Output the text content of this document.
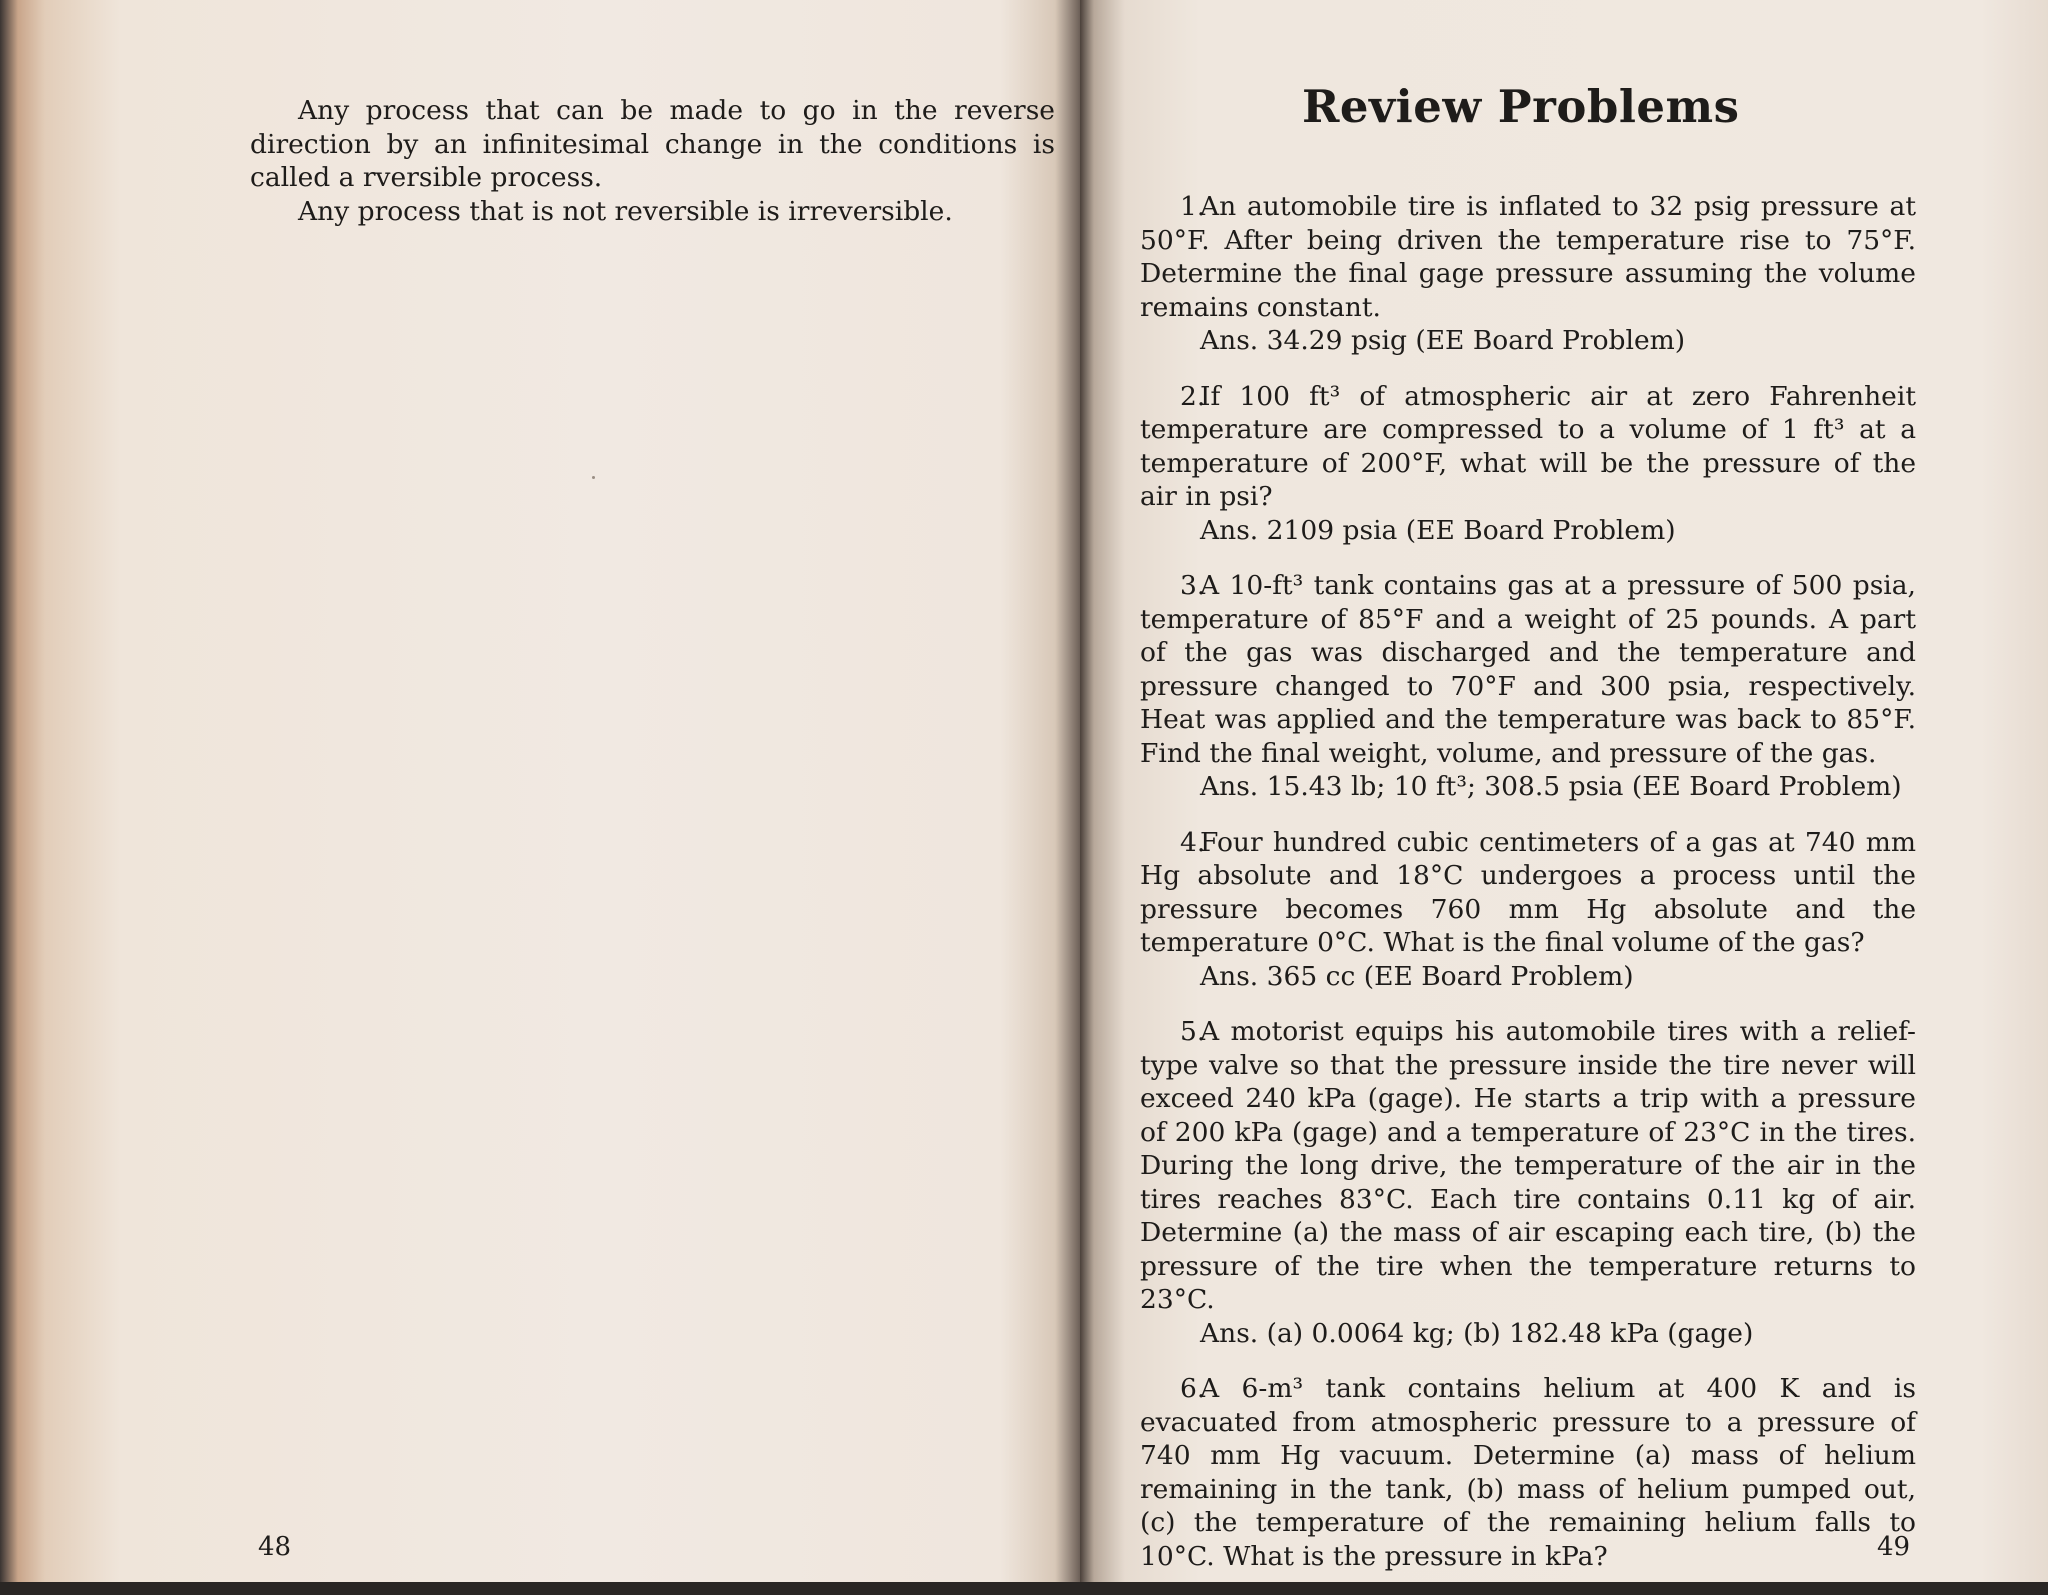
Any process that can be made to go in the reverse direction by an infinitesimal change in the conditions is called a rversible process.

Any process that is not reversible is irreversible.

48
Review Problems

1.An automobile tire is inflated to 32 psig pressure at 50°F. After being driven the temperature rise to 75°F. Determine the final gage pressure assuming the volume remains constant.

Ans. 34.29 psig (EE Board Problem)

2.If 100 ft³ of atmospheric air at zero Fahrenheit temperature are compressed to a volume of 1 ft³ at a temperature of 200°F, what will be the pressure of the air in psi?

Ans. 2109 psia (EE Board Problem)

3.A 10-ft³ tank contains gas at a pressure of 500 psia, temperature of 85°F and a weight of 25 pounds. A part of the gas was discharged and the temperature and pressure changed to 70°F and 300 psia, respectively. Heat was applied and the temperature was back to 85°F. Find the final weight, volume, and pressure of the gas.

Ans. 15.43 lb; 10 ft³; 308.5 psia (EE Board Problem)

4.Four hundred cubic centimeters of a gas at 740 mm Hg absolute and 18°C undergoes a process until the pressure becomes 760 mm Hg absolute and the temperature 0°C. What is the final volume of the gas?

Ans. 365 cc (EE Board Problem)

5.A motorist equips his automobile tires with a relief-type valve so that the pressure inside the tire never will exceed 240 kPa (gage). He starts a trip with a pressure of 200 kPa (gage) and a temperature of 23°C in the tires. During the long drive, the temperature of the air in the tires reaches 83°C. Each tire contains 0.11 kg of air. Determine (a) the mass of air escaping each tire, (b) the pressure of the tire when the temperature returns to 23°C.

Ans. (a) 0.0064 kg; (b) 182.48 kPa (gage)

6.A 6-m³ tank contains helium at 400 K and is evacuated from atmospheric pressure to a pressure of 740 mm Hg vacuum. Determine (a) mass of helium remaining in the tank, (b) mass of helium pumped out, (c) the temperature of the remaining helium falls to 10°C. What is the pressure in kPa?	49
